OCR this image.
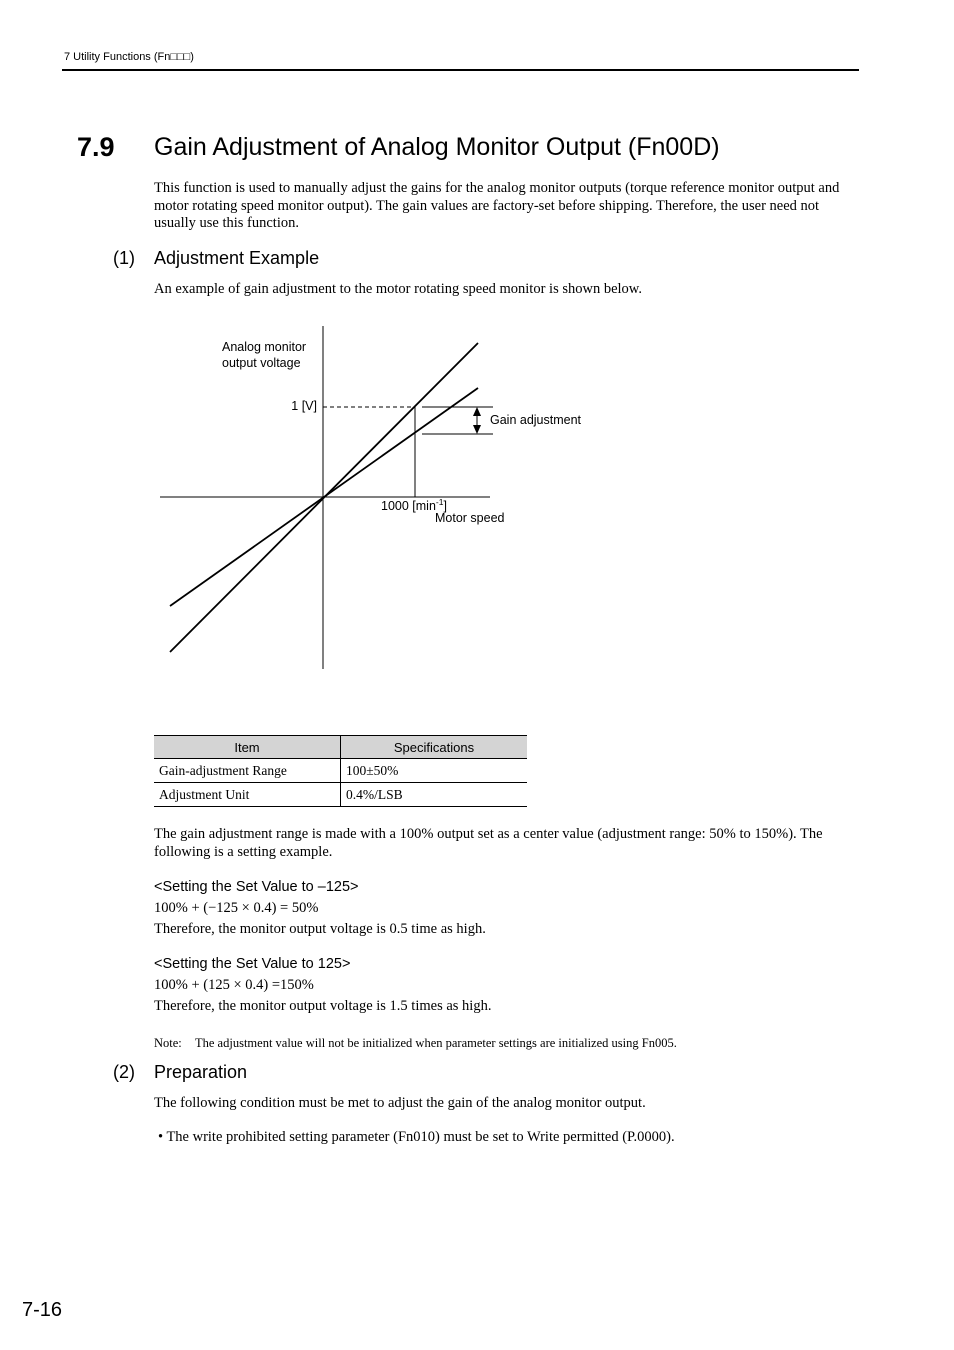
7 Utility Functions (Fn□□□)
7.9 Gain Adjustment of Analog Monitor Output (Fn00D)
This function is used to manually adjust the gains for the analog monitor outputs (torque reference monitor output and motor rotating speed monitor output). The gain values are factory-set before shipping. Therefore, the user need not usually use this function.
(1) Adjustment Example
An example of gain adjustment to the motor rotating speed monitor is shown below.
Analog monitor
output voltage
1 [V]
1000 $[\min^{-1}]$
Motor speed
Gain adjustment
Item	Specifications
Gain-adjustment Range	100±50%
Adjustment Unit	0.4%/LSB
The gain adjustment range is made with a 100% output set as a center value (adjustment range: 50% to 150%). The following is a setting example.
<Setting the Set Value to –125>
100% + (−125 × 0.4) = 50%
Therefore, the monitor output voltage is 0.5 time as high.
<Setting the Set Value to 125>
100% + (125 × 0.4) =150%
Therefore, the monitor output voltage is 1.5 times as high.
Note: The adjustment value will not be initialized when parameter settings are initialized using Fn005.
(2) Preparation
The following condition must be met to adjust the gain of the analog monitor output.
• The write prohibited setting parameter (Fn010) must be set to Write permitted (P.0000).
7-16
